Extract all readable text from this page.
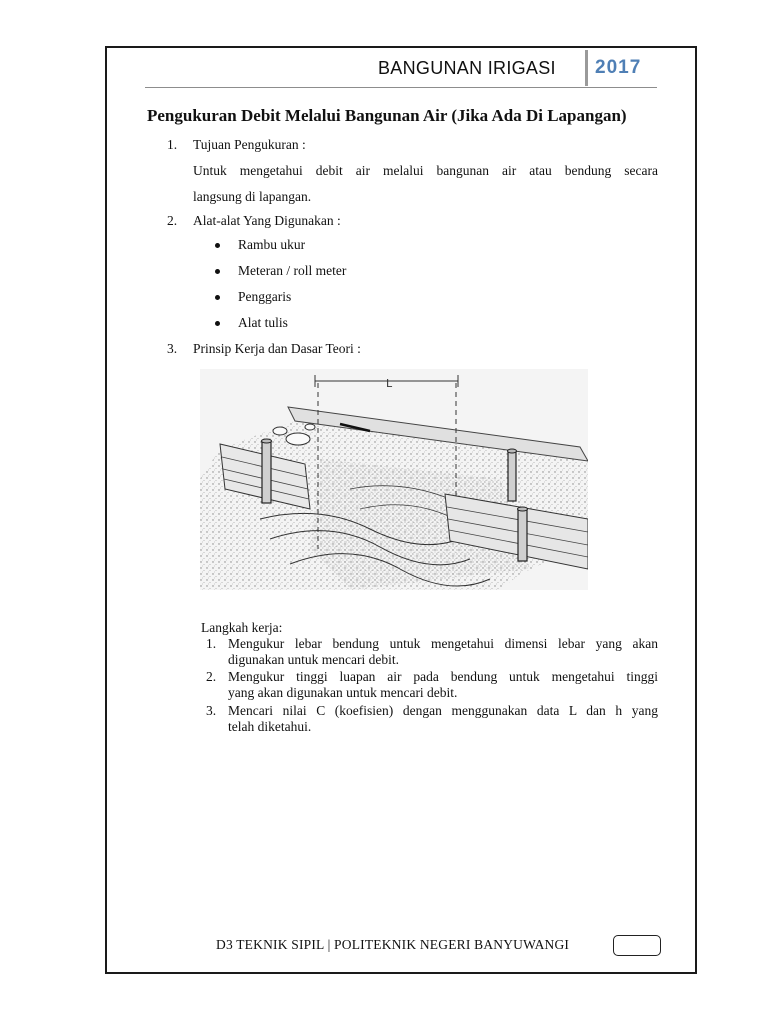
BANGUNAN IRIGASI 2017
Pengukuran Debit Melalui Bangunan Air (Jika Ada Di Lapangan)
1. Tujuan Pengukuran :
Untuk mengetahui debit air melalui bangunan air atau bendung secara
langsung di lapangan.
2. Alat-alat Yang Digunakan :
Rambu ukur
Meteran / roll meter
Penggaris
Alat tulis
3. Prinsip Kerja dan Dasar Teori :
L
Langkah kerja:
1. Mengukur lebar bendung untuk mengetahui dimensi lebar yang akan
digunakan untuk mencari debit.
2. Mengukur tinggi luapan air pada bendung untuk mengetahui tinggi
yang akan digunakan untuk mencari debit.
3. Mencari nilai C (koefisien) dengan menggunakan data L dan h yang
telah diketahui.
D3 TEKNIK SIPIL | POLITEKNIK NEGERI BANYUWANGI
